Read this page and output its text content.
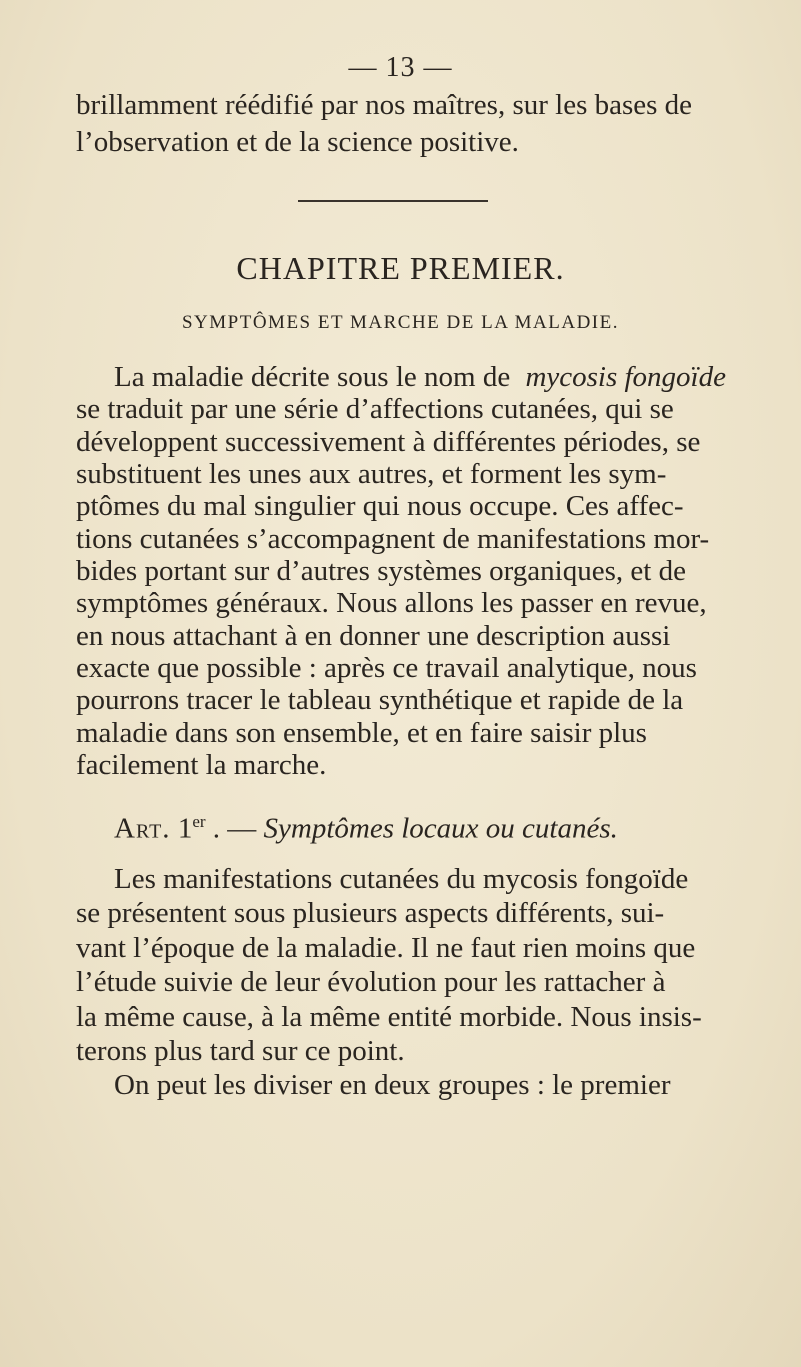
— 13 —
brillamment réédifié par nos maîtres, sur les bases de
l’observation et de la science positive.
CHAPITRE PREMIER.
SYMPTÔMES ET MARCHE DE LA MALADIE.
La maladie décrite sous le nom de mycosis fongoïde
se traduit par une série d’affections cutanées, qui se
développent successivement à différentes périodes, se
substituent les unes aux autres, et forment les sym-
ptômes du mal singulier qui nous occupe. Ces affec-
tions cutanées s’accompagnent de manifestations mor-
bides portant sur d’autres systèmes organiques, et de
symptômes généraux. Nous allons les passer en revue,
en nous attachant à en donner une description aussi
exacte que possible : après ce travail analytique, nous
pourrons tracer le tableau synthétique et rapide de la
maladie dans son ensemble, et en faire saisir plus
facilement la marche.
Art. 1er . — Symptômes locaux ou cutanés.
Les manifestations cutanées du mycosis fongoïde
se présentent sous plusieurs aspects différents, sui-
vant l’époque de la maladie. Il ne faut rien moins que
l’étude suivie de leur évolution pour les rattacher à
la même cause, à la même entité morbide. Nous insis-
terons plus tard sur ce point.
On peut les diviser en deux groupes : le premier
